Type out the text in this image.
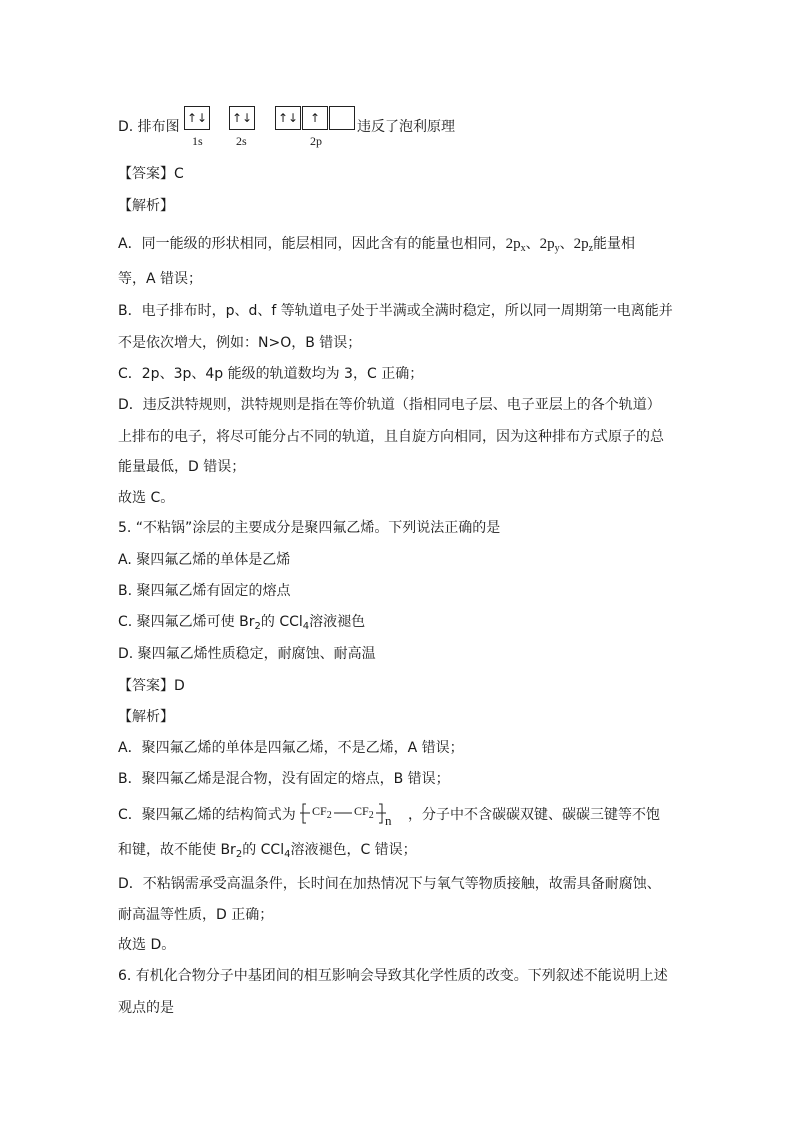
D. 排布图
↑↓ ↑↓ ↑↓ ↑
1s	2s	2p
违反了泡利原理
【答案】C
【解析】
A．同一能级的形状相同，能层相同，因此含有的能量也相同，$2p_x$、$2p_y$、$2p_z$能量相
等，A 错误；
B．电子排布时，p、d、f 等轨道电子处于半满或全满时稳定，所以同一周期第一电离能并
不是依次增大，例如：N>O，B 错误；
C．2p、3p、4p 能级的轨道数均为 3，C 正确；
D．违反洪特规则，洪特规则是指在等价轨道（指相同电子层、电子亚层上的各个轨道）
上排布的电子，将尽可能分占不同的轨道，且自旋方向相同，因为这种排布方式原子的总
能量最低，D 错误；
故选 C。
5. “不粘锅”涂层的主要成分是聚四氟乙烯。下列说法正确的是
A. 聚四氟乙烯的单体是乙烯
B. 聚四氟乙烯有固定的熔点
C. 聚四氟乙烯可使 $Br_2$的 CCl$_4$溶液褪色
D. 聚四氟乙烯性质稳定，耐腐蚀、耐高温
【答案】D
【解析】
A．聚四氟乙烯的单体是四氟乙烯，不是乙烯，A 错误；
B．聚四氟乙烯是混合物，没有固定的熔点，B 错误；
C．聚四氟乙烯的结构简式为 $CF_2$ $CF_2$ n ，分子中不含碳碳双键、碳碳三键等不饱
和键，故不能使 $Br_2$的 CCl$_4$溶液褪色，C 错误；
D．不粘锅需承受高温条件，长时间在加热情况下与氧气等物质接触，故需具备耐腐蚀、
耐高温等性质，D 正确；
故选 D。
6. 有机化合物分子中基团间的相互影响会导致其化学性质的改变。下列叙述不能说明上述
观点的是
